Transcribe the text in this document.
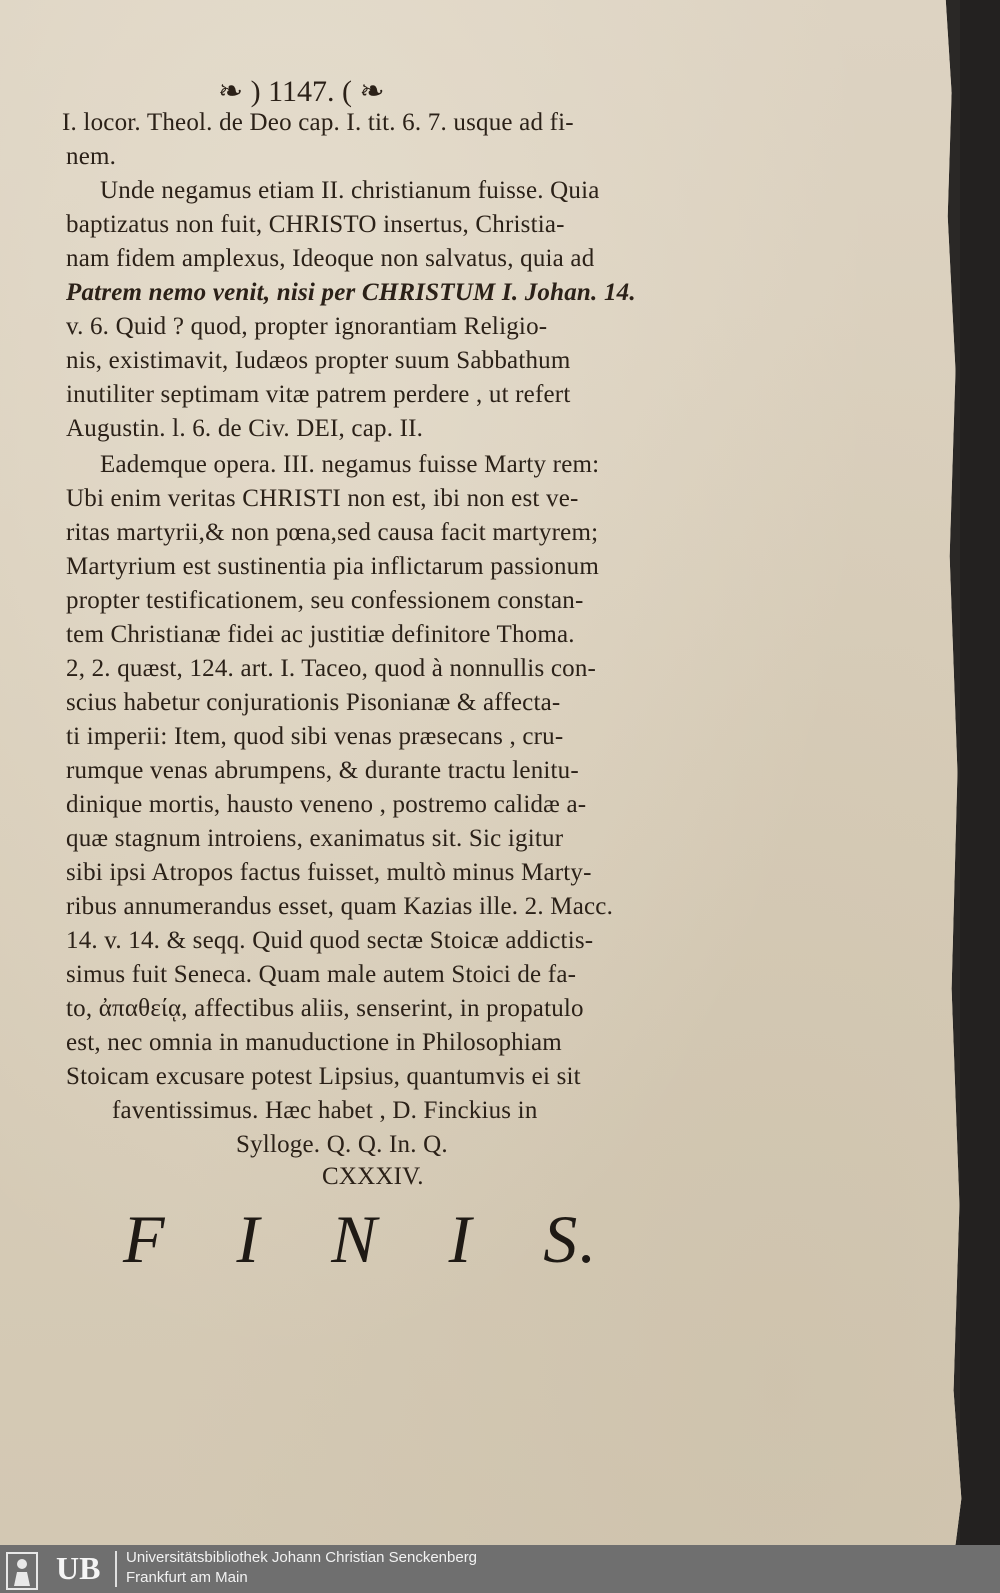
❧ ) 1147. ( ❧
I. locor. Theol. de Deo cap. I. tit. 6. 7. usque ad fi-
nem.
Unde negamus etiam II. christianum fuisse. Quia
baptizatus non fuit, CHRISTO insertus, Christia-
nam fidem amplexus, Ideoque non salvatus, quia ad
Patrem nemo venit, nisi per CHRISTUM I. Johan. 14.
v. 6. Quid ? quod, propter ignorantiam Religio-
nis, existimavit, Iudæos propter suum Sabbathum
inutiliter septimam vitæ patrem perdere , ut refert
Augustin. l. 6. de Civ. DEI, cap. II.
Eademque opera. III. negamus fuisse Marty rem:
Ubi enim veritas CHRISTI non est, ibi non est ve-
ritas martyrii,& non pœna,sed causa facit martyrem;
Martyrium est sustinentia pia inflictarum passionum
propter testificationem, seu confessionem constan-
tem Christianæ fidei ac justitiæ definitore Thoma.
2, 2. quæst, 124. art. I. Taceo, quod à nonnullis con-
scius habetur conjurationis Pisonianæ & affecta-
ti imperii: Item, quod sibi venas præsecans , cru-
rumque venas abrumpens, & durante tractu lenitu-
dinique mortis, hausto veneno , postremo calidæ a-
quæ stagnum introiens, exanimatus sit. Sic igitur
sibi ipsi Atropos factus fuisset, multò minus Marty-
ribus annumerandus esset, quam Kazias ille. 2. Macc.
14. v. 14. & seqq. Quid quod sectæ Stoicæ addictis-
simus fuit Seneca. Quam male autem Stoici de fa-
to, ἀπαθείᾳ, affectibus aliis, senserint, in propatulo
est, nec omnia in manuductione in Philosophiam
Stoicam excusare potest Lipsius, quantumvis ei sit
faventissimus. Hæc habet , D. Finckius in
Sylloge. Q. Q. In. Q.
CXXXIV.
F I N I S.
UB Universitätsbibliothek Johann Christian Senckenberg
Frankfurt am Main
